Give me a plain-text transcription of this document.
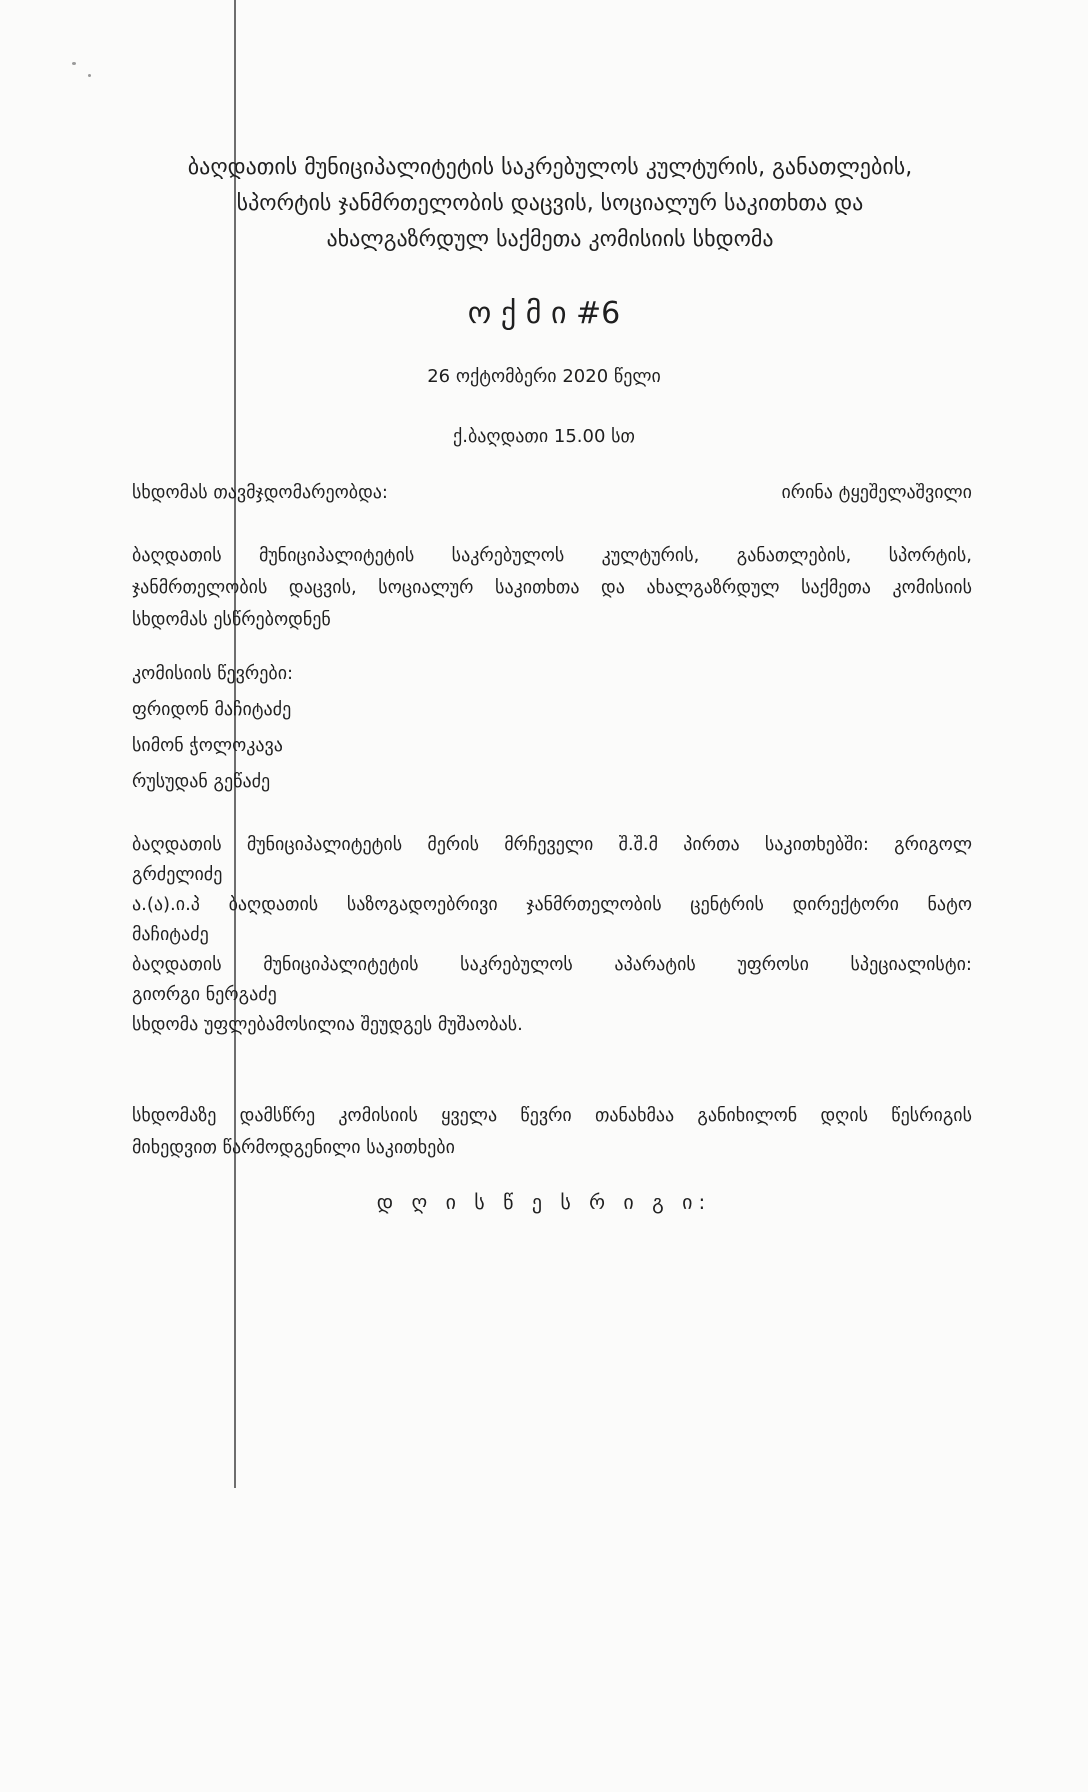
ბაღდათის მუნიციპალიტეტის საკრებულოს კულტურის, განათლების,
სპორტის ჯანმრთელობის დაცვის, სოციალურ საკითხთა და
ახალგაზრდულ საქმეთა კომისიის სხდომა
ო ქ მ ი #6
26 ოქტომბერი 2020 წელი
ქ.ბაღდათი 15.00 სთ
სხდომას თავმჯდომარეობდა:	ირინა ტყეშელაშვილი
ბაღდათის მუნიციპალიტეტის საკრებულოს კულტურის, განათლების, სპორტის,
ჯანმრთელობის დაცვის, სოციალურ საკითხთა და ახალგაზრდულ საქმეთა კომისიის
სხდომას ესწრებოდნენ
კომისიის წევრები:
ფრიდონ მაჩიტაძე
სიმონ ჭოლოკავა
რუსუდან გეწაძე
ბაღდათის მუნიციპალიტეტის მერის მრჩეველი შ.შ.მ პირთა საკითხებში: გრიგოლ
გრძელიძე
ა.(ა).ი.პ ბაღდათის საზოგადოებრივი ჯანმრთელობის ცენტრის დირექტორი ნატო
მაჩიტაძე
ბაღდათის მუნიციპალიტეტის საკრებულოს აპარატის უფროსი სპეციალისტი:
გიორგი ნერგაძე
სხდომა უფლებამოსილია შეუდგეს მუშაობას.
სხდომაზე დამსწრე კომისიის ყველა წევრი თანახმაა განიხილონ დღის წესრიგის
მიხედვით წარმოდგენილი საკითხები
დ ღ ი ს წ ე ს რ ი გ ი:
